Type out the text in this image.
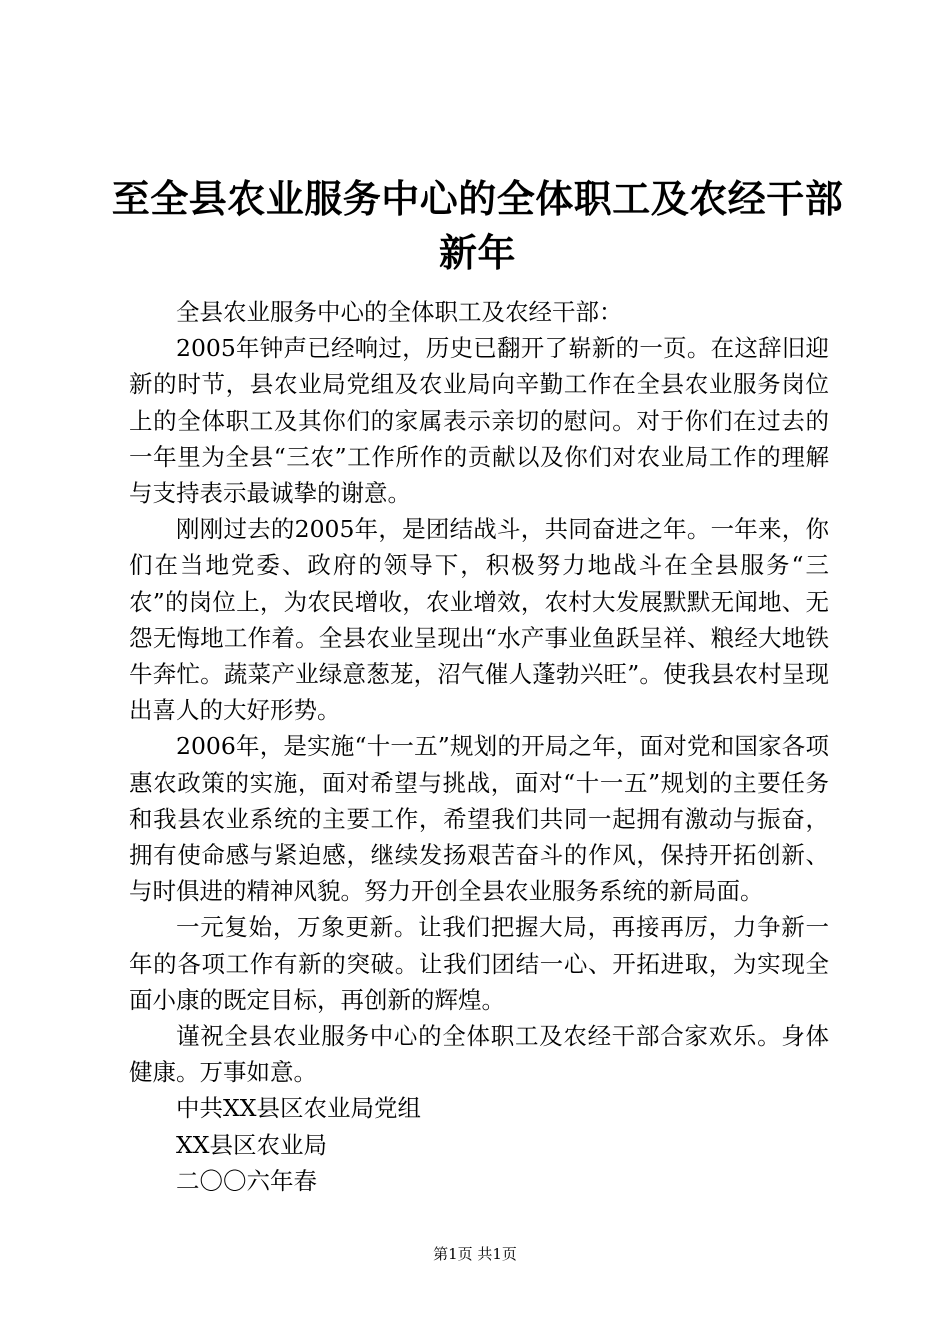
至全县农业服务中心的全体职工及农经干部新年

全县农业服务中心的全体职工及农经干部：

2005年钟声已经响过，历史已翻开了崭新的一页。在这辞旧迎新的时节，县农业局党组及农业局向辛勤工作在全县农业服务岗位上的全体职工及其你们的家属表示亲切的慰问。对于你们在过去的一年里为全县“三农”工作所作的贡献以及你们对农业局工作的理解与支持表示最诚挚的谢意。

刚刚过去的2005年，是团结战斗，共同奋进之年。一年来，你们在当地党委、政府的领导下，积极努力地战斗在全县服务“三农”的岗位上，为农民增收，农业增效，农村大发展默默无闻地、无怨无悔地工作着。全县农业呈现出“水产事业鱼跃呈祥、粮经大地铁牛奔忙。蔬菜产业绿意葱茏，沼气催人蓬勃兴旺”。使我县农村呈现出喜人的大好形势。

2006年，是实施“十一五”规划的开局之年，面对党和国家各项惠农政策的实施，面对希望与挑战，面对“十一五”规划的主要任务和我县农业系统的主要工作，希望我们共同一起拥有激动与振奋，拥有使命感与紧迫感，继续发扬艰苦奋斗的作风，保持开拓创新、与时俱进的精神风貌。努力开创全县农业服务系统的新局面。

一元复始，万象更新。让我们把握大局，再接再厉，力争新一年的各项工作有新的突破。让我们团结一心、开拓进取，为实现全面小康的既定目标，再创新的辉煌。

谨祝全县农业服务中心的全体职工及农经干部合家欢乐。身体健康。万事如意。

中共XX县区农业局党组

XX县区农业局

二〇〇六年春

第1页 共1页
